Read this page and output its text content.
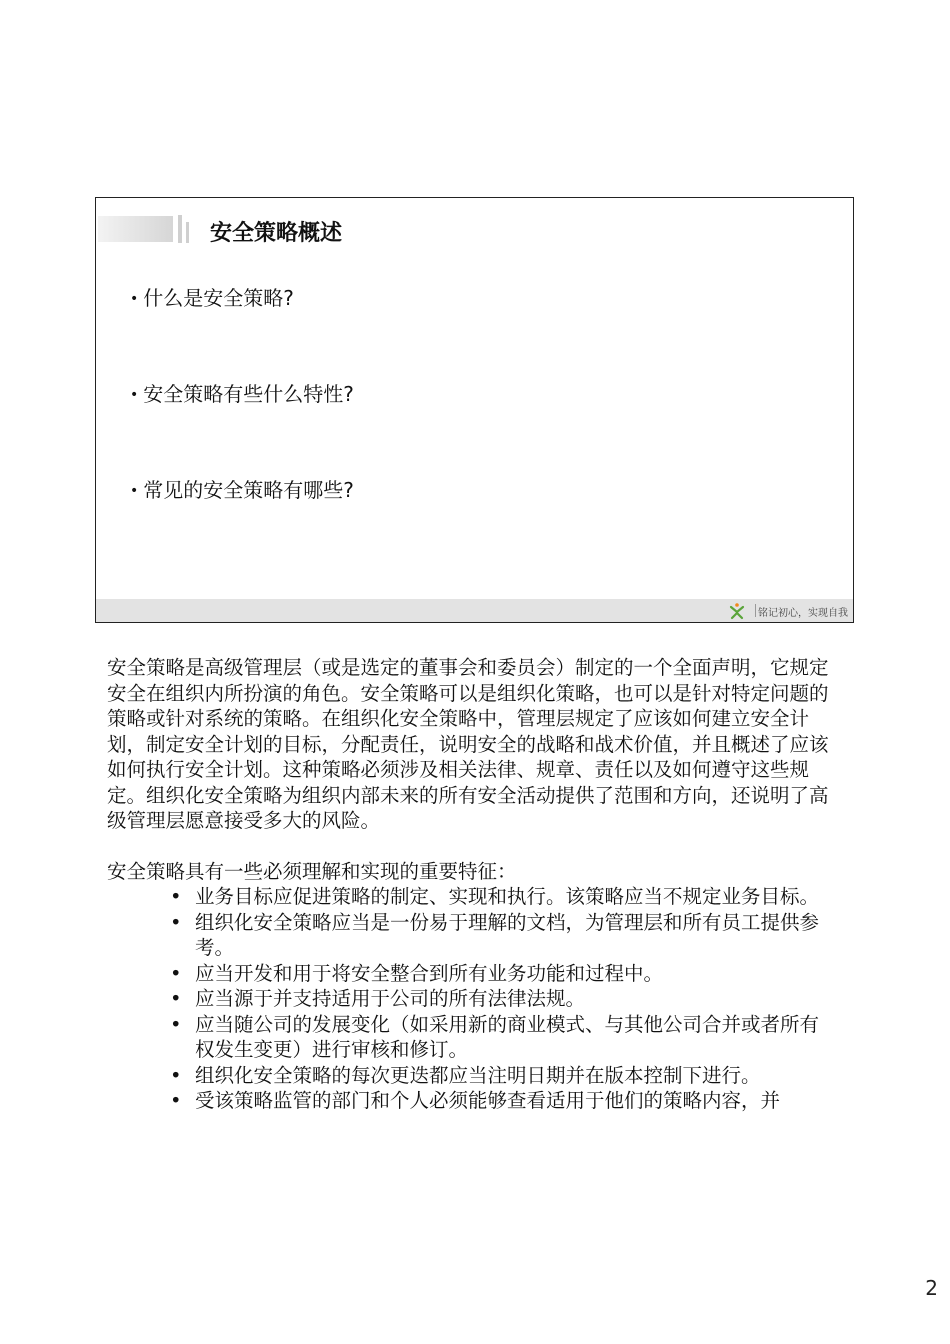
安全策略概述
• 什么是安全策略?
• 安全策略有些什么特性?
• 常见的安全策略有哪些?
铭记初心，实现自我

安全策略是高级管理层（或是选定的董事会和委员会）制定的一个全面声明，它规定安全在组织内所扮演的角色。安全策略可以是组织化策略，也可以是针对特定问题的策略或针对系统的策略。在组织化安全策略中，管理层规定了应该如何建立安全计划，制定安全计划的目标，分配责任，说明安全的战略和战术价值，并且概述了应该如何执行安全计划。这种策略必须涉及相关法律、规章、责任以及如何遵守这些规定。组织化安全策略为组织内部未来的所有安全活动提供了范围和方向，还说明了高级管理层愿意接受多大的风险。

安全策略具有一些必须理解和实现的重要特征：

• 业务目标应促进策略的制定、实现和执行。该策略应当不规定业务目标。
• 组织化安全策略应当是一份易于理解的文档，为管理层和所有员工提供参考。
• 应当开发和用于将安全整合到所有业务功能和过程中。
• 应当源于并支持适用于公司的所有法律法规。
• 应当随公司的发展变化（如采用新的商业模式、与其他公司合并或者所有权发生变更）进行审核和修订。
• 组织化安全策略的每次更迭都应当注明日期并在版本控制下进行。
• 受该策略监管的部门和个人必须能够查看适用于他们的策略内容，并
2
